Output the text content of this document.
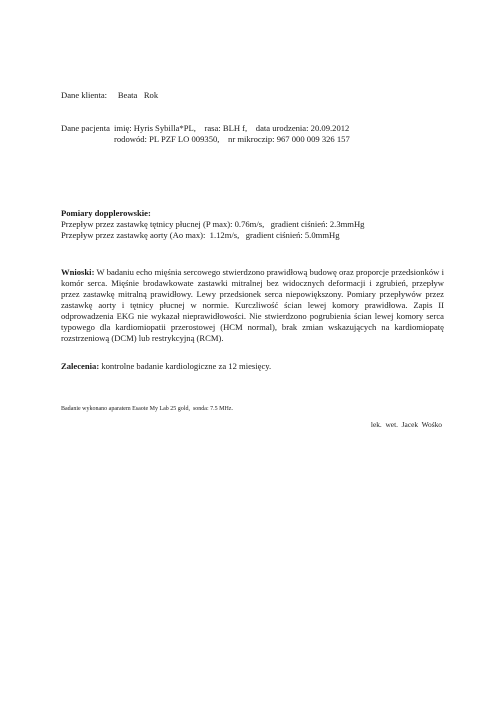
Dane klienta: Beata   Rok
Dane pacjenta imię: Hyris Sybilla*PL,    rasa: BLH f,    data urodzenia: 20.09.2012
rodowód: PL PZF LO 009350,    nr mikroczip: 967 000 009 326 157
Pomiary dopplerowskie:
Przepływ przez zastawkę tętnicy płucnej (P max): 0.76m/s,   gradient ciśnień: 2.3mmHg
Przepływ przez zastawkę aorty (Ao max):  1.12m/s,   gradient ciśnień: 5.0mmHg
Wnioski: W badaniu echo mięśnia sercowego stwierdzono prawidłową budowę oraz proporcje przedsionków i komór serca. Mięśnie brodawkowate zastawki mitralnej bez widocznych deformacji i zgrubień, przepływ przez zastawkę mitralną prawidłowy. Lewy przedsionek serca niepowiększony. Pomiary przepływów przez zastawkę aorty i tętnicy płucnej w normie. Kurczliwość ścian lewej komory prawidłowa. Zapis II odprowadzenia EKG nie wykazał nieprawidłowości. Nie stwierdzono pogrubienia ścian lewej komory serca typowego dla kardiomiopatii przerostowej (HCM normal), brak zmian wskazujących na kardiomiopatę rozstrzeniową (DCM) lub restrykcyjną (RCM).
Zalecenia: kontrolne badanie kardiologiczne za 12 miesięcy.
Badanie wykonano aparatem Esaote My Lab 25 gold,  sonda: 7.5 MHz.
lek.  wet.  Jacek  Wośko
